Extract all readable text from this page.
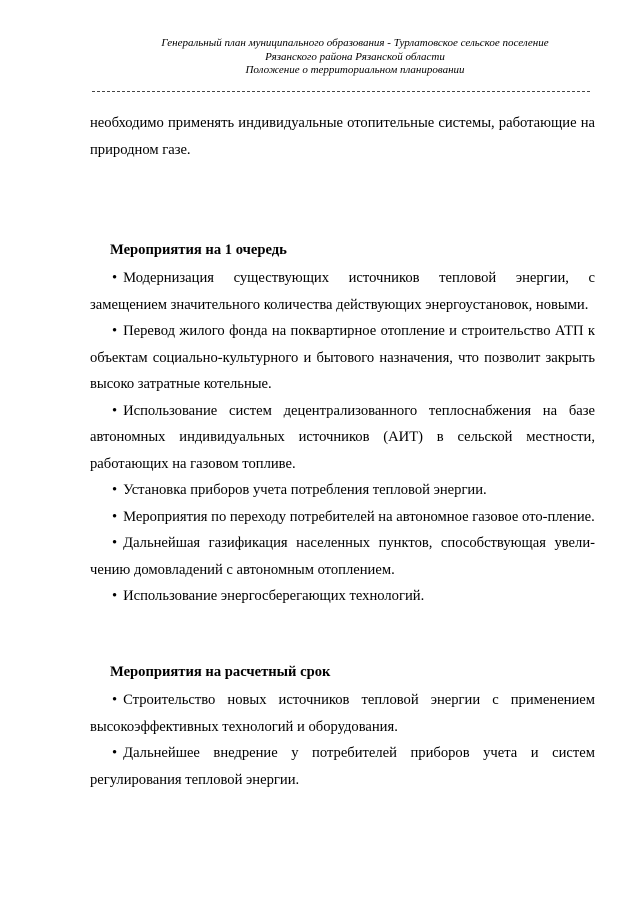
Генеральный план муниципального образования - Турлатовское сельское поселение
Рязанского района Рязанской области
Положение о территориальном планировании
необходимо применять индивидуальные отопительные системы, работающие на природном газе.
Мероприятия на 1 очередь

• Модернизация существующих источников тепловой энергии, с замещением значительного количества действующих энергоустановок, новыми.

• Перевод жилого фонда на поквартирное отопление и строительство АТП к объектам социально-культурного и бытового назначения, что позволит закрыть высоко затратные котельные.

• Использование систем децентрализованного теплоснабжения на базе автономных индивидуальных источников (АИТ) в сельской местности, работающих на газовом топливе.

• Установка приборов учета потребления тепловой энергии.

• Мероприятия по переходу потребителей на автономное газовое ото-пление.

• Дальнейшая газификация населенных пунктов, способствующая увели-чению домовладений с автономным отоплением.

• Использование энергосберегающих технологий.

Мероприятия на расчетный срок

• Строительство новых источников тепловой энергии с применением высокоэффективных технологий и оборудования.

• Дальнейшее внедрение у потребителей приборов учета и систем регулирования тепловой энергии.
